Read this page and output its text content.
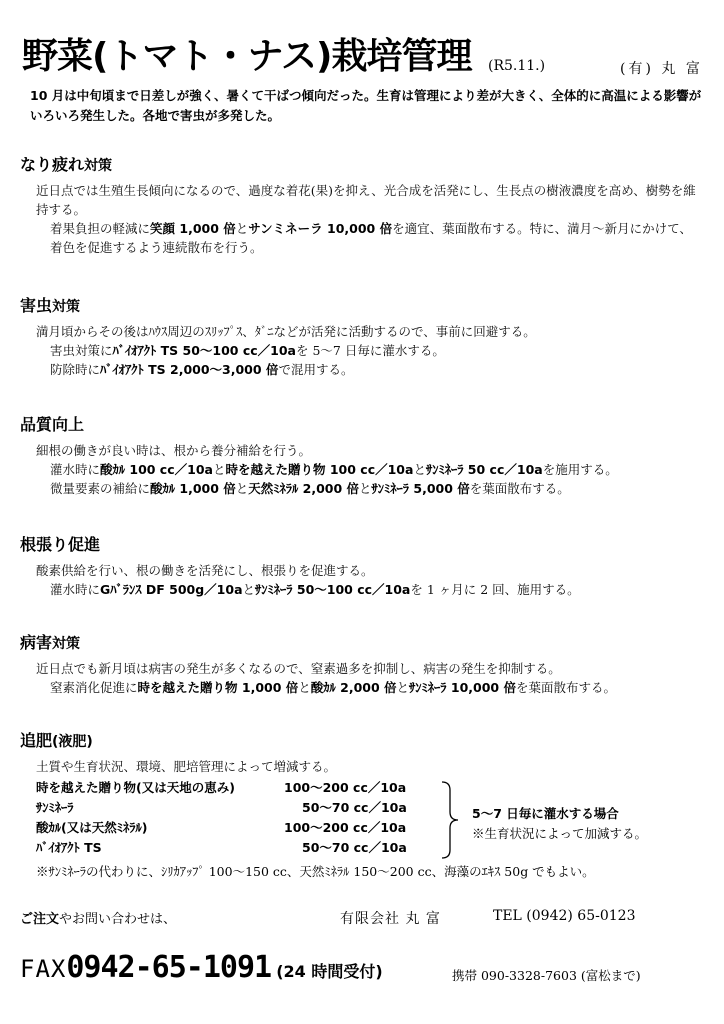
野菜(トマト・ナス)栽培管理 (R5.11.)	(有) 丸 富
10 月は中旬頃まで日差しが強く、暑くて干ばつ傾向だった。生育は管理により差が大きく、全体的に高温による影響がいろいろ発生した。各地で害虫が多発した。
なり疲れ対策
近日点では生殖生長傾向になるので、過度な着花(果)を抑え、光合成を活発にし、生長点の樹液濃度を高め、樹勢を維持する。
着果負担の軽減に笑顔 1,000 倍とサンミネーラ 10,000 倍を適宜、葉面散布する。特に、満月～新月にかけて、着色を促進するよう連続散布を行う。
害虫対策
満月頃からその後はﾊｳｽ周辺のｽﾘｯﾌﾟｽ、ﾀﾞﾆなどが活発に活動するので、事前に回避する。
害虫対策にﾊﾞｲｵｱｸﾄ TS 50～100 cc／10aを 5～7 日毎に灌水する。
防除時にﾊﾞｲｵｱｸﾄ TS 2,000～3,000 倍で混用する。
品質向上
細根の働きが良い時は、根から養分補給を行う。
灌水時に酸ｶﾙ 100 cc／10aと時を越えた贈り物 100 cc／10aとｻﾝﾐﾈｰﾗ 50 cc／10aを施用する。
微量要素の補給に酸ｶﾙ 1,000 倍と天然ﾐﾈﾗﾙ 2,000 倍とｻﾝﾐﾈｰﾗ 5,000 倍を葉面散布する。
根張り促進
酸素供給を行い、根の働きを活発にし、根張りを促進する。
灌水時にGﾊﾞﾗﾝｽ DF 500g／10aとｻﾝﾐﾈｰﾗ 50～100 cc／10aを 1 ヶ月に 2 回、施用する。
病害対策
近日点でも新月頃は病害の発生が多くなるので、窒素過多を抑制し、病害の発生を抑制する。
窒素消化促進に時を越えた贈り物 1,000 倍と酸ｶﾙ 2,000 倍とｻﾝﾐﾈｰﾗ 10,000 倍を葉面散布する。
追肥(液肥)
土質や生育状況、環境、肥培管理によって増減する。
時を越えた贈り物(又は天地の恵み)	100～200 cc／10a
ｻﾝﾐﾈｰﾗ	50～70 cc／10a
酸ｶﾙ(又は天然ﾐﾈﾗﾙ)	100～200 cc／10a
ﾊﾞｲｵｱｸﾄ TS	50～70 cc／10a
5～7 日毎に灌水する場合
※生育状況によって加減する。
※ｻﾝﾐﾈｰﾗの代わりに、ｼﾘｶｱｯﾌﾟ 100～150 cc、天然ﾐﾈﾗﾙ 150～200 cc、海藻のｴｷｽ 50g でもよい。
ご注文やお問い合わせは、	有限会社 丸 富	TEL (0942) 65-0123
FAX0942-65-1091 (24 時間受付)	携帯 090-3328-7603 (富松まで)
